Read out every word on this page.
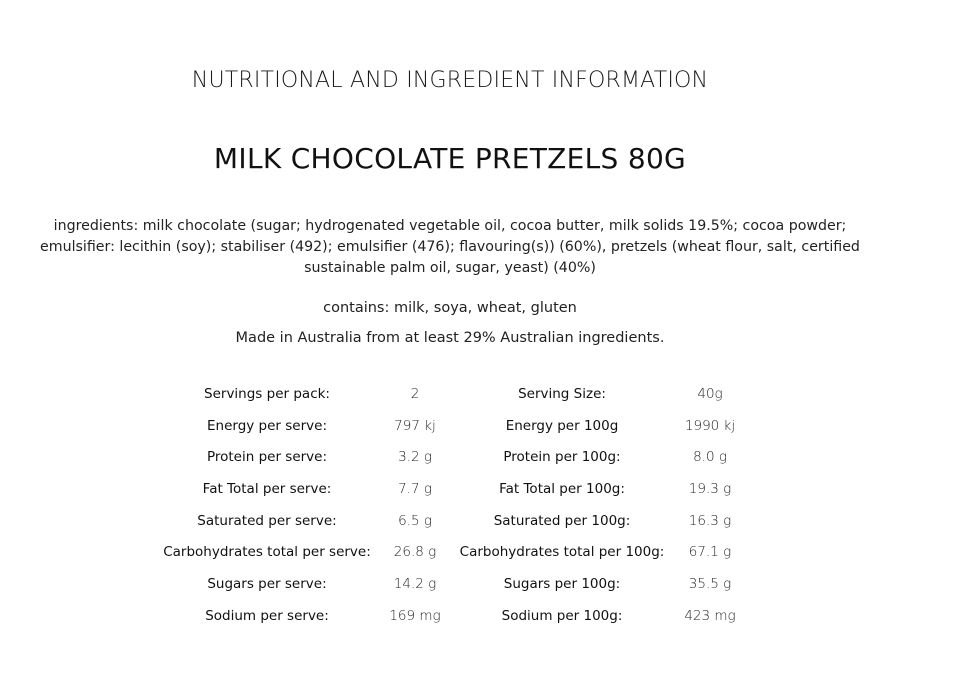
NUTRITIONAL AND INGREDIENT INFORMATION
MILK CHOCOLATE PRETZELS 80G
ingredients: milk chocolate (sugar; hydrogenated vegetable oil, cocoa butter, milk solids 19.5%; cocoa powder; emulsifier: lecithin (soy); stabiliser (492); emulsifier (476); flavouring(s)) (60%), pretzels (wheat flour, salt, certified sustainable palm oil, sugar, yeast) (40%)
contains: milk, soya, wheat, gluten
Made in Australia from at least 29% Australian ingredients.
Servings per pack:	2	Serving Size:	40g
Energy per serve:	797 kj	Energy per 100g	1990 kj
Protein per serve:	3.2 g	Protein per 100g:	8.0 g
Fat Total per serve:	7.7 g	Fat Total per 100g:	19.3 g
Saturated per serve:	6.5 g	Saturated per 100g:	16.3 g
Carbohydrates total per serve:	26.8 g	Carbohydrates total per 100g:	67.1 g
Sugars per serve:	14.2 g	Sugars per 100g:	35.5 g
Sodium per serve:	169 mg	Sodium per 100g:	423 mg
